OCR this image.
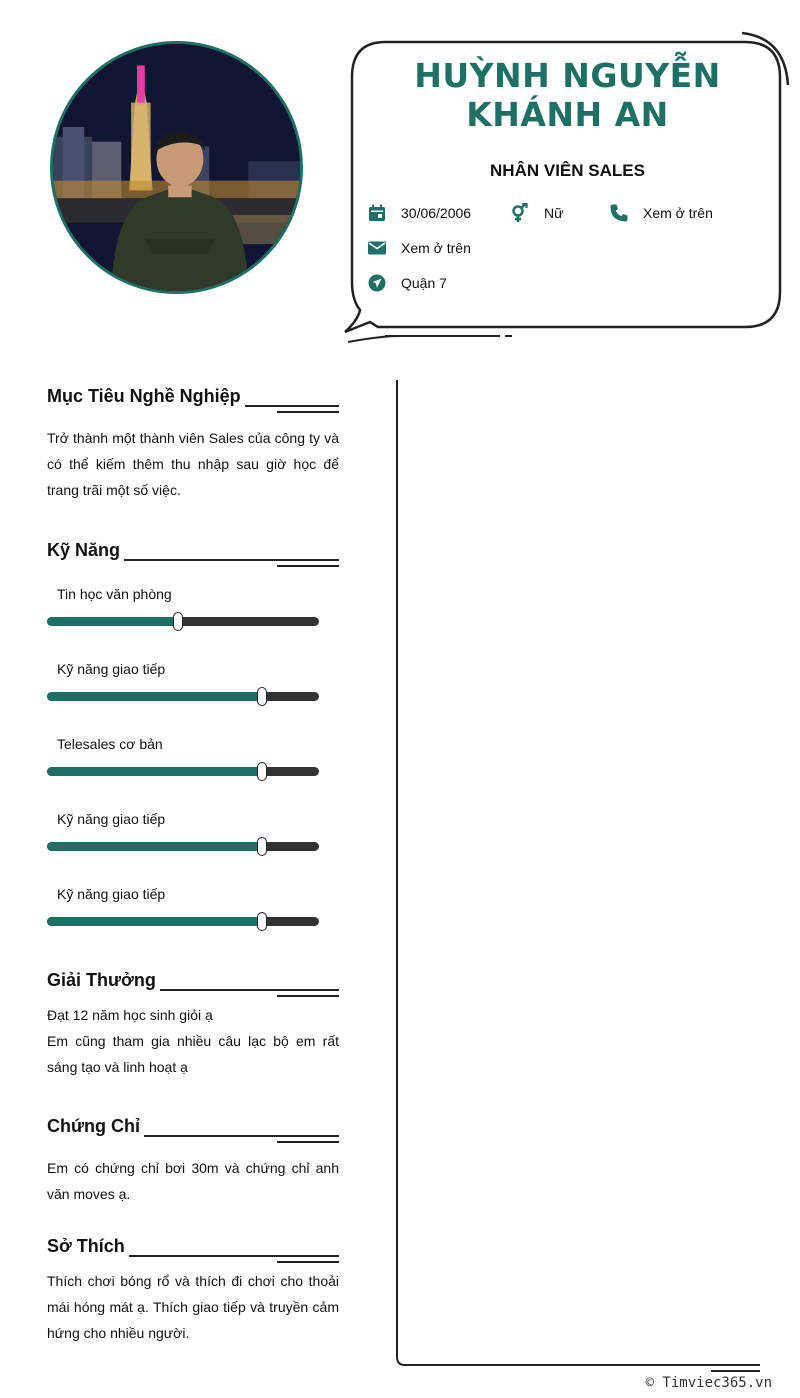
HUỲNH NGUYỄN
KHÁNH AN
NHÂN VIÊN SALES
30/06/2006	Nữ	Xem ở trên
Xem ở trên
Quận 7
Mục Tiêu Nghề Nghiệp
Trở thành một thành viên Sales của công ty và có thể kiếm thêm thu nhập sau giờ học để trang trãi một số việc.
Kỹ Năng
Tin học văn phòng
Kỹ năng giao tiếp
Telesales cơ bản
Kỹ năng giao tiếp
Kỹ năng giao tiếp
Giải Thưởng
Đạt 12 năm học sinh giỏi ạ
Em cũng tham gia nhiều câu lạc bộ em rất sáng tạo và linh hoạt ạ
Chứng Chỉ
Em có chứng chỉ bơi 30m và chứng chỉ anh văn moves ạ.
Sở Thích
Thích chơi bóng rổ và thích đi chơi cho thoải mái hóng mát ạ. Thích giao tiếp và truyền cảm hứng cho nhiều người.
© Timviec365.vn
